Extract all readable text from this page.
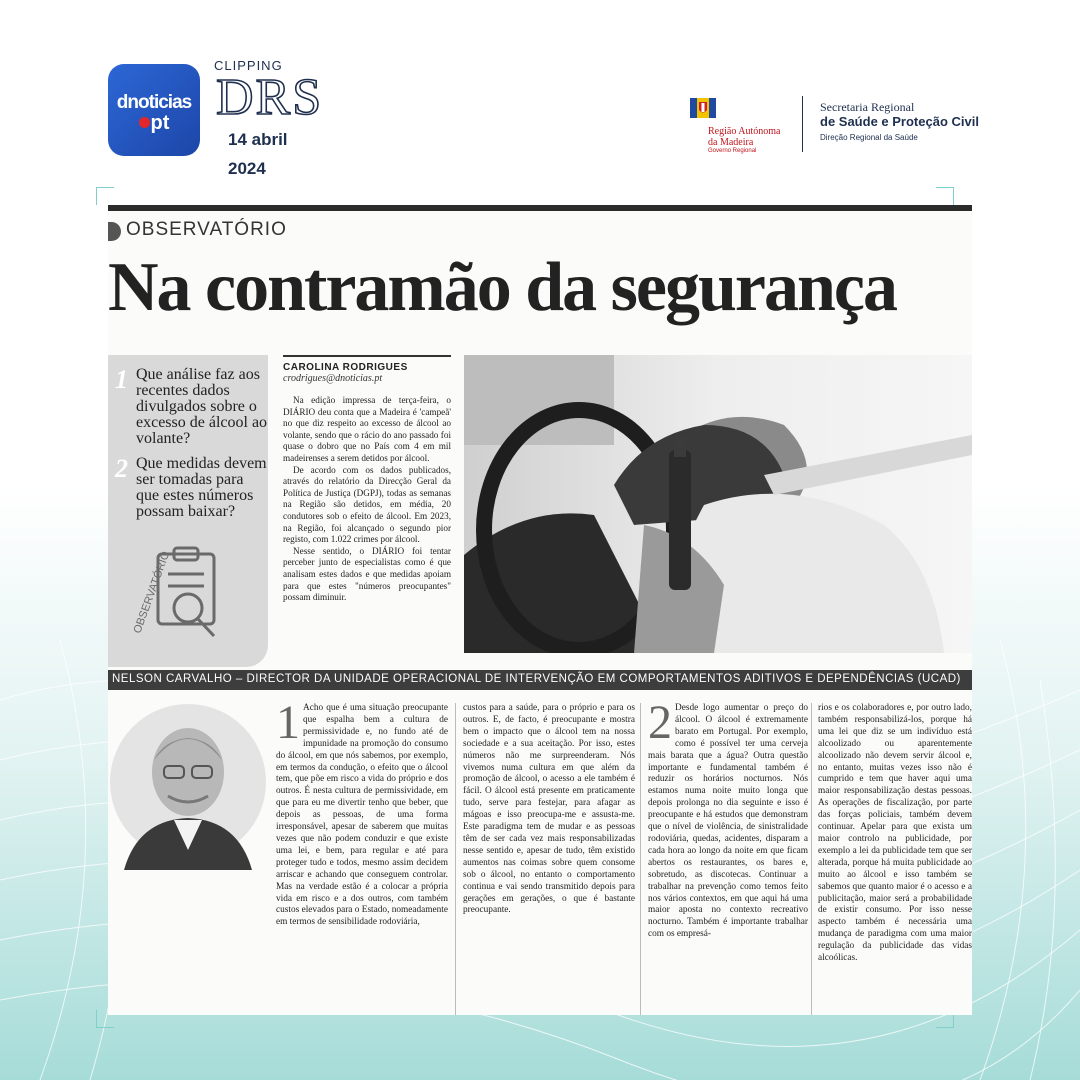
dnoticias
pt
CLIPPING
DRS
14 abril
2024
Região Autónoma
da Madeira
Governo Regional
Secretaria Regional
de Saúde e Proteção Civil
Direção Regional da Saúde
OBSERVATÓRIO
Na contramão da segurança
1 Que análise faz aos recentes dados divulgados sobre o excesso de álcool ao volante?
2 Que medidas devem ser tomadas para que estes números possam baixar?
OBSERVATÓRIO
CAROLINA RODRIGUES
crodrigues@dnoticias.pt

Na edição impressa de terça-feira, o DIÁRIO deu conta que a Madeira é 'campeã' no que diz respeito ao excesso de álcool ao volante, sendo que o rácio do ano passado foi quase o dobro que no País com 4 em mil madeirenses a serem detidos por álcool.

De acordo com os dados publicados, através do relatório da Direcção Geral da Política de Justiça (DGPJ), todas as semanas na Região são detidos, em média, 20 condutores sob o efeito de álcool. Em 2023, na Região, foi alcançado o segundo pior registo, com 1.022 crimes por álcool.

Nesse sentido, o DIÁRIO foi tentar perceber junto de especialistas como é que analisam estes dados e que medidas apoiam para que estes "números preocupantes" possam diminuir.

NELSON CARVALHO – DIRECTOR DA UNIDADE OPERACIONAL DE INTERVENÇÃO EM COMPORTAMENTOS ADITIVOS E DEPENDÊNCIAS (UCAD)
1 Acho que é uma situação preocupante que espalha bem a cultura de permissividade e, no fundo até de impunidade na promoção do consumo do álcool, em que nós sabemos, por exemplo, em termos da condução, o efeito que o álcool tem, que põe em risco a vida do próprio e dos outros. É nesta cultura de permissividade, em que para eu me divertir tenho que beber, que depois as pessoas, de uma forma irresponsável, apesar de saberem que muitas vezes que não podem conduzir e que existe uma lei, e bem, para regular e até para proteger tudo e todos, mesmo assim decidem arriscar e achando que conseguem controlar. Mas na verdade estão é a colocar a própria vida em risco e a dos outros, com também custos elevados para o Estado, nomeadamente em termos de sensibilidade rodoviária,
custos para a saúde, para o próprio e para os outros. E, de facto, é preocupante e mostra bem o impacto que o álcool tem na nossa sociedade e a sua aceitação. Por isso, estes números não me surpreenderam. Nós vivemos numa cultura em que além da promoção de álcool, o acesso a ele também é fácil. O álcool está presente em praticamente tudo, serve para festejar, para afagar as mágoas e isso preocupa-me e assusta-me. Este paradigma tem de mudar e as pessoas têm de ser cada vez mais responsabilizadas nesse sentido e, apesar de tudo, têm existido aumentos nas coimas sobre quem consome sob o álcool, no entanto o comportamento continua e vai sendo transmitido depois para gerações em gerações, o que é bastante preocupante.
2 Desde logo aumentar o preço do álcool. O álcool é extremamente barato em Portugal. Por exemplo, como é possível ter uma cerveja mais barata que a água? Outra questão importante e fundamental também é reduzir os horários nocturnos. Nós estamos numa noite muito longa que depois prolonga no dia seguinte e isso é preocupante e há estudos que demonstram que o nível de violência, de sinistralidade rodoviária, quedas, acidentes, disparam a cada hora ao longo da noite em que ficam abertos os restaurantes, os bares e, sobretudo, as discotecas. Continuar a trabalhar na prevenção como temos feito nos vários contextos, em que aqui há uma maior aposta no contexto recreativo nocturno. Também é importante trabalhar com os empresá-
rios e os colaboradores e, por outro lado, também responsabilizá-los, porque há uma lei que diz se um indivíduo está alcoolizado ou aparentemente alcoolizado não devem servir álcool e, no entanto, muitas vezes isso não é cumprido e tem que haver aqui uma maior responsabilização destas pessoas. As operações de fiscalização, por parte das forças policiais, também devem continuar. Apelar para que exista um maior controlo na publicidade, por exemplo a lei da publicidade tem que ser alterada, porque há muita publicidade ao muito ao álcool e isso também se sabemos que quanto maior é o acesso e a publicitação, maior será a probabilidade de existir consumo. Por isso nesse aspecto também é necessária uma mudança de paradigma com uma maior regulação da publicidade das vidas alcoólicas.
